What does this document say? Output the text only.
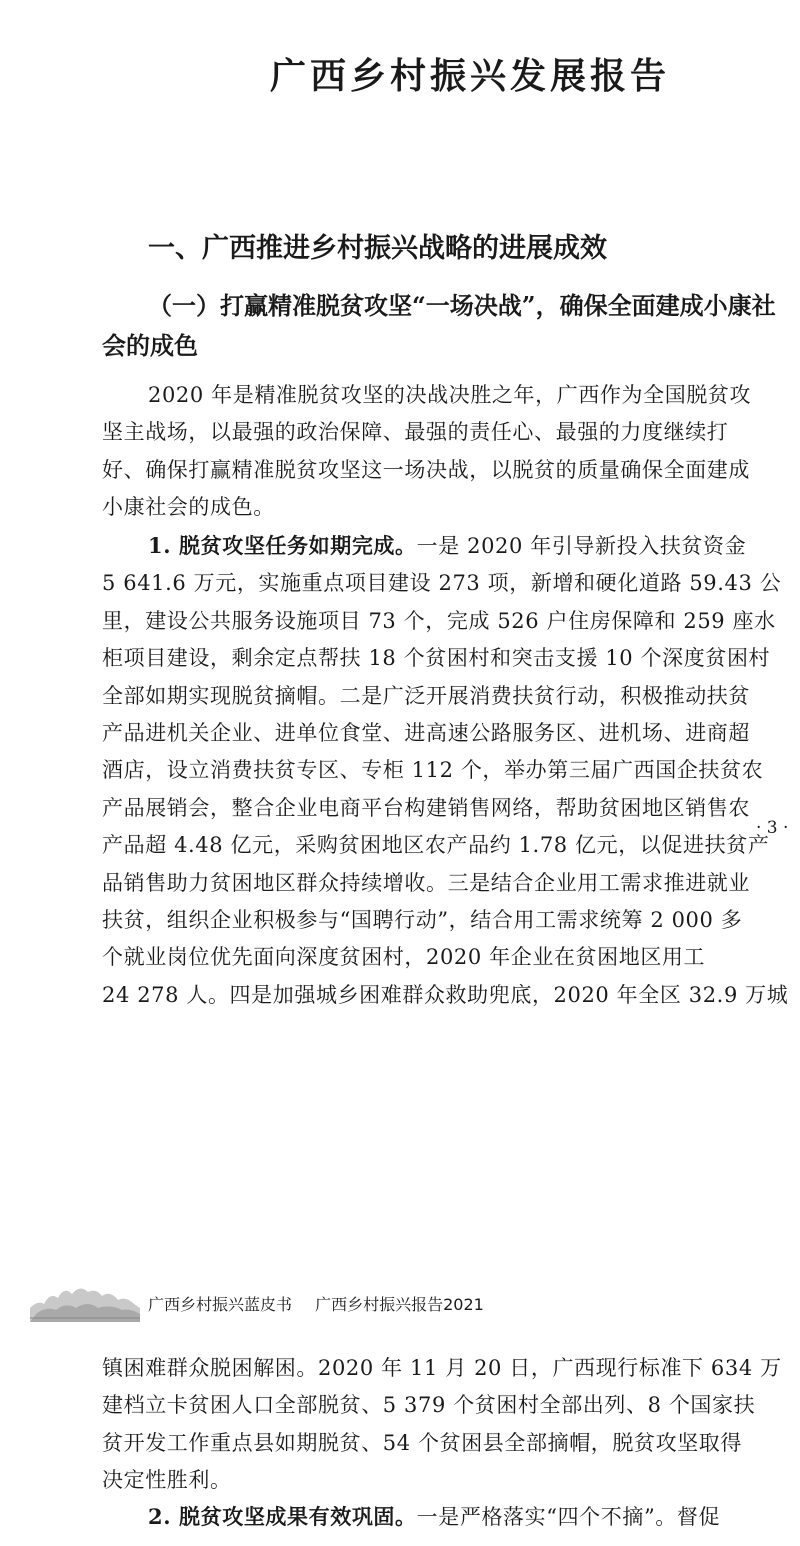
广西乡村振兴发展报告
一、广西推进乡村振兴战略的进展成效
（一）打赢精准脱贫攻坚“一场决战”，确保全面建成小康社
会的成色
2020 年是精准脱贫攻坚的决战决胜之年，广西作为全国脱贫攻
坚主战场，以最强的政治保障、最强的责任心、最强的力度继续打
好、确保打赢精准脱贫攻坚这一场决战，以脱贫的质量确保全面建成
小康社会的成色。
1. 脱贫攻坚任务如期完成。一是 2020 年引导新投入扶贫资金
5 641.6 万元，实施重点项目建设 273 项，新增和硬化道路 59.43 公
里，建设公共服务设施项目 73 个，完成 526 户住房保障和 259 座水
柜项目建设，剩余定点帮扶 18 个贫困村和突击支援 10 个深度贫困村
全部如期实现脱贫摘帽。二是广泛开展消费扶贫行动，积极推动扶贫
产品进机关企业、进单位食堂、进高速公路服务区、进机场、进商超
酒店，设立消费扶贫专区、专柜 112 个，举办第三届广西国企扶贫农
产品展销会，整合企业电商平台构建销售网络，帮助贫困地区销售农
产品超 4.48 亿元，采购贫困地区农产品约 1.78 亿元，以促进扶贫产
品销售助力贫困地区群众持续增收。三是结合企业用工需求推进就业
扶贫，组织企业积极参与“国聘行动”，结合用工需求统筹 2 000 多
个就业岗位优先面向深度贫困村，2020 年企业在贫困地区用工
24 278 人。四是加强城乡困难群众救助兜底，2020 年全区 32.9 万城
· 3 ·
广西乡村振兴蓝皮书 广西乡村振兴报告2021
镇困难群众脱困解困。2020 年 11 月 20 日，广西现行标准下 634 万
建档立卡贫困人口全部脱贫、5 379 个贫困村全部出列、8 个国家扶
贫开发工作重点县如期脱贫、54 个贫困县全部摘帽，脱贫攻坚取得
决定性胜利。
2. 脱贫攻坚成果有效巩固。一是严格落实“四个不摘”。督促
